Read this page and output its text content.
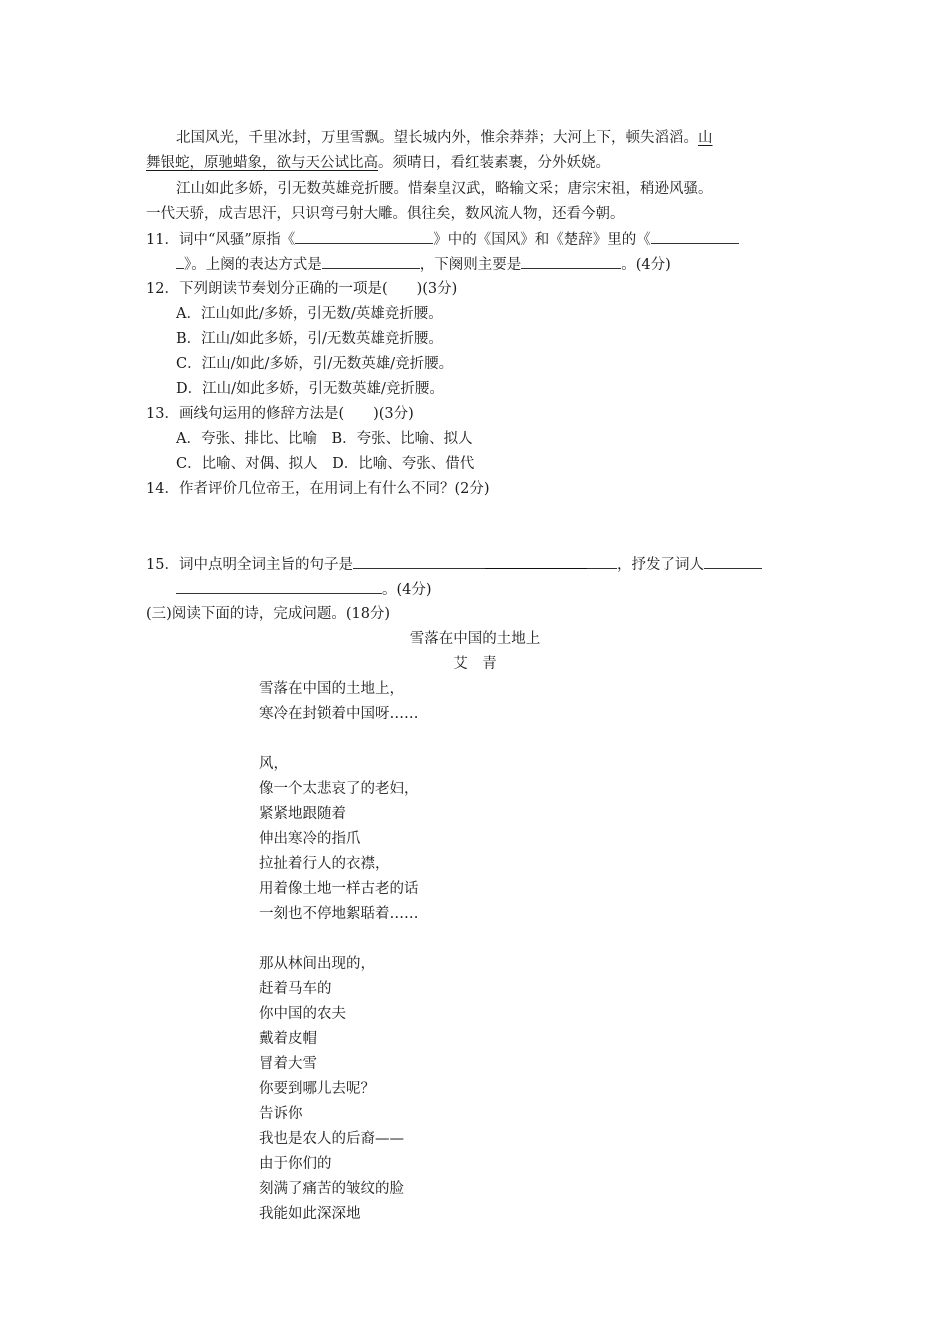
北国风光，千里冰封，万里雪飘。望长城内外，惟余莽莽；大河上下，顿失滔滔。山
舞银蛇，原驰蜡象，欲与天公试比高。须晴日，看红装素裹，分外妖娆。
江山如此多娇，引无数英雄竞折腰。惜秦皇汉武，略输文采；唐宗宋祖，稍逊风骚。
一代天骄，成吉思汗，只识弯弓射大雕。俱往矣，数风流人物，还看今朝。
11．词中“风骚”原指《	》中的《国风》和《楚辞》里的《
》。上阕的表达方式是	，下阕则主要是	。(4分)
12．下列朗读节奏划分正确的一项是(　　)(3分)
A．江山如此/多娇，引无数/英雄竞折腰。
B．江山/如此多娇，引/无数英雄竞折腰。
C．江山/如此/多娇，引/无数英雄/竞折腰。
D．江山/如此多娇，引无数英雄/竞折腰。
13．画线句运用的修辞方法是(　　)(3分)
A．夸张、排比、比喻　B．夸张、比喻、拟人
C．比喻、对偶、拟人　D．比喻、夸张、借代
14．作者评价几位帝王，在用词上有什么不同？(2分)
15．词中点明全词主旨的句子是	，抒发了词人
。(4分)
(三)阅读下面的诗，完成问题。(18分)
雪落在中国的土地上
艾　青
雪落在中国的土地上，
寒冷在封锁着中国呀……
风，
像一个太悲哀了的老妇，
紧紧地跟随着
伸出寒冷的指爪
拉扯着行人的衣襟，
用着像土地一样古老的话
一刻也不停地絮聒着……
那从林间出现的，
赶着马车的
你中国的农夫
戴着皮帽
冒着大雪
你要到哪儿去呢？
告诉你
我也是农人的后裔——
由于你们的
刻满了痛苦的皱纹的脸
我能如此深深地
